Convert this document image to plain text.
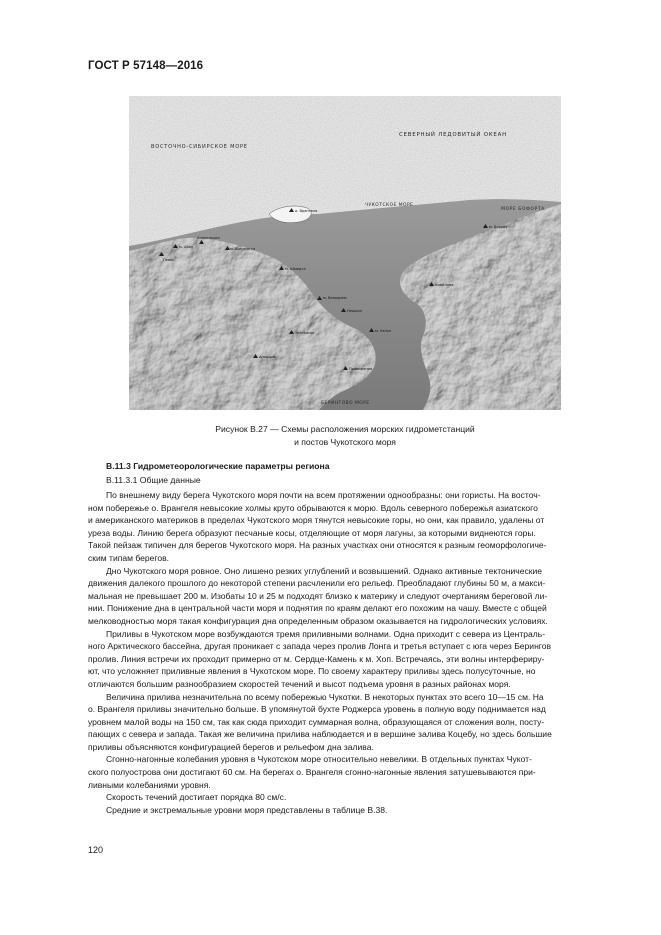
ГОСТ Р 57148—2016
ВОСТОЧНО-СИБИРСКОЕ МОРЕ
СЕВЕРНЫЙ ЛЕДОВИТЫЙ ОКЕАН
ЧУКОТСКОЕ МОРЕ
МОРЕ БОФОРТА
БЕРИНГОВО МОРЕ
о. Врангеля
м. Айон
Певек
Апапельхин
м. Биллингса
м. Шмидта
м. Ванкарем
Нешкан
м. Уэлен
м. Барроу
Кивалина
Анадырь
Провидения
Эгвекинот
Рисунок В.27 — Схемы расположения морских гидрометстанций
и постов Чукотского моря
В.11.3 Гидрометеорологические параметры региона
В.11.3.1 Общие данные

По внешнему виду берега Чукотского моря почти на всем протяжении однообразны: они гористы. На восточ-
ном побережье о. Врангеля невысокие холмы круто обрываются к морю. Вдоль северного побережья азиатского
и американского материков в пределах Чукотского моря тянутся невысокие горы, но они, как правило, удалены от
уреза воды. Линию берега образуют песчаные косы, отделяющие от моря лагуны, за которыми виднеются горы.
Такой пейзаж типичен для берегов Чукотского моря. На разных участках они относятся к разным геоморфологиче-
ским типам берегов.

Дно Чукотского моря ровное. Оно лишено резких углублений и возвышений. Однако активные тектонические
движения далекого прошлого до некоторой степени расчленили его рельеф. Преобладают глубины 50 м, а макси-
мальная не превышает 200 м. Изобаты 10 и 25 м подходят близко к материку и следуют очертаниям береговой ли-
нии. Понижение дна в центральной части моря и поднятия по краям делают его похожим на чашу. Вместе с общей
мелководностью моря такая конфигурация дна определенным образом оказывается на гидрологических условиях.

Приливы в Чукотском море возбуждаются тремя приливными волнами. Одна приходит с севера из Централь-
ного Арктического бассейна, другая проникает с запада через пролив Лонга и третья вступает с юга через Берингов
пролив. Линия встречи их проходит примерно от м. Сердце-Камень к м. Хоп. Встречаясь, эти волны интерфериру-
ют, что усложняет приливные явления в Чукотском море. По своему характеру приливы здесь полусуточные, но
отличаются большим разнообразием скоростей течений и высот подъема уровня в разных районах моря.

Величина прилива незначительна по всему побережью Чукотки. В некоторых пунктах это всего 10—15 см. На
о. Врангеля приливы значительно больше. В упомянутой бухте Роджерса уровень в полную воду поднимается над
уровнем малой воды на 150 см, так как сюда приходит суммарная волна, образующаяся от сложения волн, посту-
пающих с севера и запада. Такая же величина прилива наблюдается и в вершине залива Коцебу, но здесь большие
приливы объясняются конфигурацией берегов и рельефом дна залива.

Сгонно-нагонные колебания уровня в Чукотском море относительно невелики. В отдельных пунктах Чукот-
ского полуострова они достигают 60 см. На берегах о. Врангеля сгонно-нагонные явления затушевываются при-
ливными колебаниями уровня.

Скорость течений достигает порядка 80 см/с.

Средние и экстремальные уровни моря представлены в таблице В.38.

120
